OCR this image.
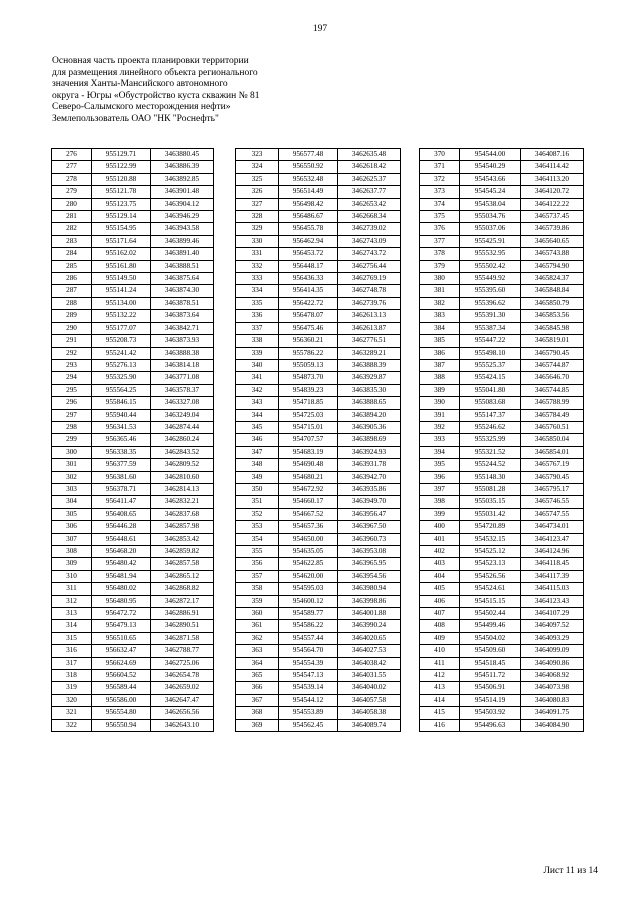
197
Основная часть проекта планировки территории
для размещения линейного объекта регионального
значения Ханты-Мансийского автономного
округа - Югры «Обустройство куста скважин № 81
Северо-Салымского месторождения нефти»
Землепользователь ОАО "НК "Роснефть"
276	955129.71	3463880.45
277	955122.99	3463886.39
278	955120.88	3463892.85
279	955121.78	3463901.48
280	955123.75	3463904.12
281	955129.14	3463946.29
282	955154.95	3463943.58
283	955171.64	3463899.46
284	955162.02	3463891.40
285	955161.80	3463888.51
286	955149.50	3463875.64
287	955141.24	3463874.30
288	955134.00	3463878.51
289	955132.22	3463873.64
290	955177.07	3463842.71
291	955208.73	3463873.93
292	955241.42	3463888.38
293	955276.13	3463814.18
294	955325.90	3463771.08
295	955564.25	3463578.37
296	955846.15	3463327.08
297	955940.44	3463249.04
298	956341.53	3462874.44
299	956365.46	3462860.24
300	956338.35	3462843.52
301	956377.59	3462809.52
302	956381.60	3462810.60
303	956378.71	3462814.13
304	956411.47	3462832.21
305	956408.65	3462837.68
306	956446.28	3462857.98
307	956448.61	3462853.42
308	956468.20	3462859.82
309	956480.42	3462857.58
310	956481.94	3462865.12
311	956480.02	3462868.82
312	956480.95	3462872.17
313	956472.72	3462886.91
314	956479.13	3462890.51
315	956510.65	3462871.58
316	956632.47	3462788.77
317	956624.69	3462725.06
318	956604.52	3462654.78
319	956589.44	3462659.02
320	956586.00	3462647.47
321	956554.80	3462656.56
322	956550.94	3462643.10
323	956577.48	3462635.48
324	956550.92	3462618.42
325	956532.48	3462625.37
326	956514.49	3462637.77
327	956498.42	3462653.42
328	956486.67	3462668.34
329	956455.78	3462739.02
330	956462.94	3462743.09
331	956453.72	3462743.72
332	956448.17	3462756.44
333	956436.33	3462769.19
334	956414.35	3462748.78
335	956422.72	3462739.76
336	956478.07	3462613.13
337	956475.46	3462613.87
338	956360.21	3462776.51
339	955786.22	3463289.21
340	955059.13	3463888.39
341	954873.70	3463929.87
342	954839.23	3463835.30
343	954718.85	3463888.65
344	954725.03	3463894.20
345	954715.01	3463905.36
346	954707.57	3463898.69
347	954683.19	3463924.93
348	954690.48	3463931.78
349	954680.21	3463942.70
350	954672.92	3463935.86
351	954660.17	3463949.70
352	954667.52	3463956.47
353	954657.36	3463967.50
354	954650.00	3463960.73
355	954635.05	3463953.08
356	954622.85	3463965.95
357	954620.00	3463954.56
358	954595.03	3463980.94
359	954600.12	3463998.86
360	954589.77	3464001.88
361	954586.22	3463990.24
362	954557.44	3464020.65
363	954564.70	3464027.53
364	954554.39	3464038.42
365	954547.13	3464031.55
366	954539.14	3464040.02
367	954544.12	3464057.58
368	954553.89	3464058.38
369	954562.45	3464089.74
370	954544.00	3464087.16
371	954540.29	3464114.42
372	954543.66	3464113.20
373	954545.24	3464120.72
374	954538.04	3464122.22
375	955034.76	3465737.45
376	955037.06	3465739.86
377	955425.91	3465640.65
378	955532.95	3465743.88
379	955502.42	3465794.90
380	955449.92	3465824.37
381	955395.60	3465848.84
382	955396.62	3465850.79
383	955391.30	3465853.56
384	955387.34	3465845.98
385	955447.22	3465819.01
386	955498.10	3465790.45
387	955525.37	3465744.87
388	955424.15	3465646.70
389	955041.80	3465744.85
390	955083.68	3465788.99
391	955147.37	3465784.49
392	955246.62	3465760.51
393	955325.99	3465850.04
394	955321.52	3465854.01
395	955244.52	3465767.19
396	955148.30	3465790.45
397	955081.28	3465795.17
398	955035.15	3465746.55
399	955031.42	3465747.55
400	954720.89	3464734.01
401	954532.15	3464123.47
402	954525.12	3464124.96
403	954523.13	3464118.45
404	954526.56	3464117.39
405	954524.61	3464115.03
406	954515.15	3464123.43
407	954502.44	3464107.29
408	954499.46	3464097.52
409	954504.02	3464093.29
410	954509.60	3464099.09
411	954518.45	3464090.86
412	954511.72	3464068.92
413	954506.91	3464073.98
414	954514.19	3464080.83
415	954503.92	3464091.75
416	954496.63	3464084.90
Лист 11 из 14
